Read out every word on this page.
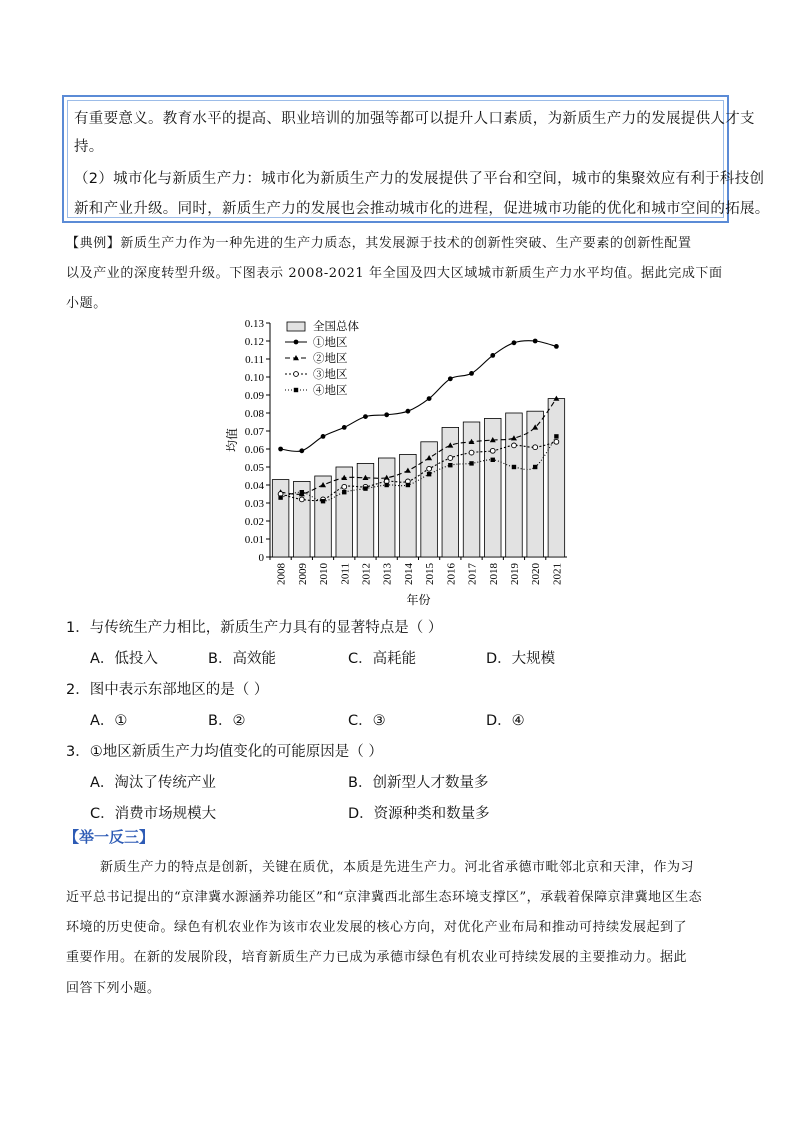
有重要意义。教育水平的提高、职业培训的加强等都可以提升人口素质，为新质生产力的发展提供人才支

持。

（2）城市化与新质生产力：城市化为新质生产力的发展提供了平台和空间，城市的集聚效应有利于科技创

新和产业升级。同时，新质生产力的发展也会推动城市化的进程，促进城市功能的优化和城市空间的拓展。

【典例】新质生产力作为一种先进的生产力质态，其发展源于技术的创新性突破、生产要素的创新性配置
以及产业的深度转型升级。下图表示 2008-2021 年全国及四大区域城市新质生产力水平均值。据此完成下面
小题。
0
0.01
0.02
0.03
0.04
0.05
0.06
0.07
0.08
0.09
0.10
0.11
0.12
0.13
均值
2008 2009 2010 2011 2012 2013 2014 2015 2016 2017 2018 2019 2020 2021
年份
全国总体
①地区
②地区
③地区
④地区
1．与传统生产力相比，新质生产力具有的显著特点是（ ）
A．低投入	B．高效能	C．高耗能	D．大规模
2．图中表示东部地区的是（ ）
A．①	B．②	C．③	D．④
3．①地区新质生产力均值变化的可能原因是（ ）
A．淘汰了传统产业	B．创新型人才数量多
C．消费市场规模大	D．资源种类和数量多
【举一反三】
新质生产力的特点是创新，关键在质优，本质是先进生产力。河北省承德市毗邻北京和天津，作为习
近平总书记提出的“京津冀水源涵养功能区”和“京津冀西北部生态环境支撑区”，承载着保障京津冀地区生态
环境的历史使命。绿色有机农业作为该市农业发展的核心方向，对优化产业布局和推动可持续发展起到了
重要作用。在新的发展阶段，培育新质生产力已成为承德市绿色有机农业可持续发展的主要推动力。据此
回答下列小题。
